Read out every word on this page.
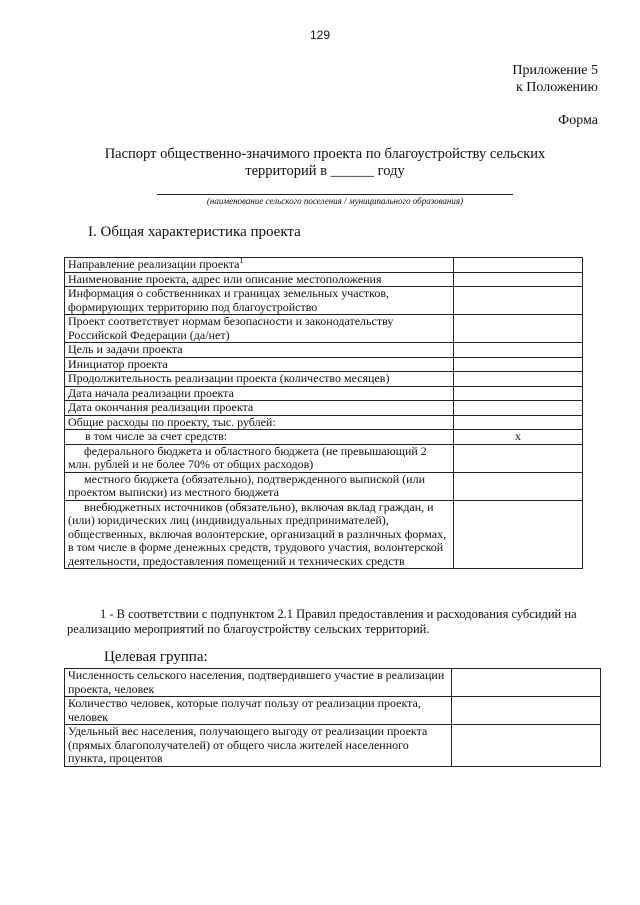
129
Приложение 5
к Положению
Форма
Паспорт общественно-значимого проекта по благоустройству сельских
территорий в ______ году
(наименование сельского поселения / муниципального образования)
I. Общая характеристика проекта
Направление реализации проекта$^1$	
Наименование проекта, адрес или описание местоположения	
Информация о собственниках и границах земельных участков, формирующих территорию под благоустройство	
Проект соответствует нормам безопасности и законодательству Российской Федерации (да/нет)	
Цель и задачи проекта	
Инициатор проекта	
Продолжительность реализации проекта (количество месяцев)	
Дата начала реализации проекта	
Дата окончания реализации проекта	
Общие расходы по проекту, тыс. рублей:	
в том числе за счет средств:	х
федерального бюджета и областного бюджета (не превышающий 2 млн. рублей и не более 70% от общих расходов)	
местного бюджета (обязательно), подтвержденного выпиской (или проектом выписки) из местного бюджета	
внебюджетных источников (обязательно), включая вклад граждан, и (или) юридических лиц (индивидуальных предпринимателей), общественных, включая волонтерские, организаций в различных формах, в том числе в форме денежных средств, трудового участия, волонтерской деятельности, предоставления помещений и технических средств	
1 - В соответствии с подпунктом 2.1 Правил предоставления и расходования субсидий на реализацию мероприятий по благоустройству сельских территорий.
Целевая группа:
Численность сельского населения, подтвердившего участие в реализации проекта, человек	
Количество человек, которые получат пользу от реализации проекта, человек	
Удельный вес населения, получающего выгоду от реализации проекта (прямых благополучателей) от общего числа жителей населенного пункта, процентов	
